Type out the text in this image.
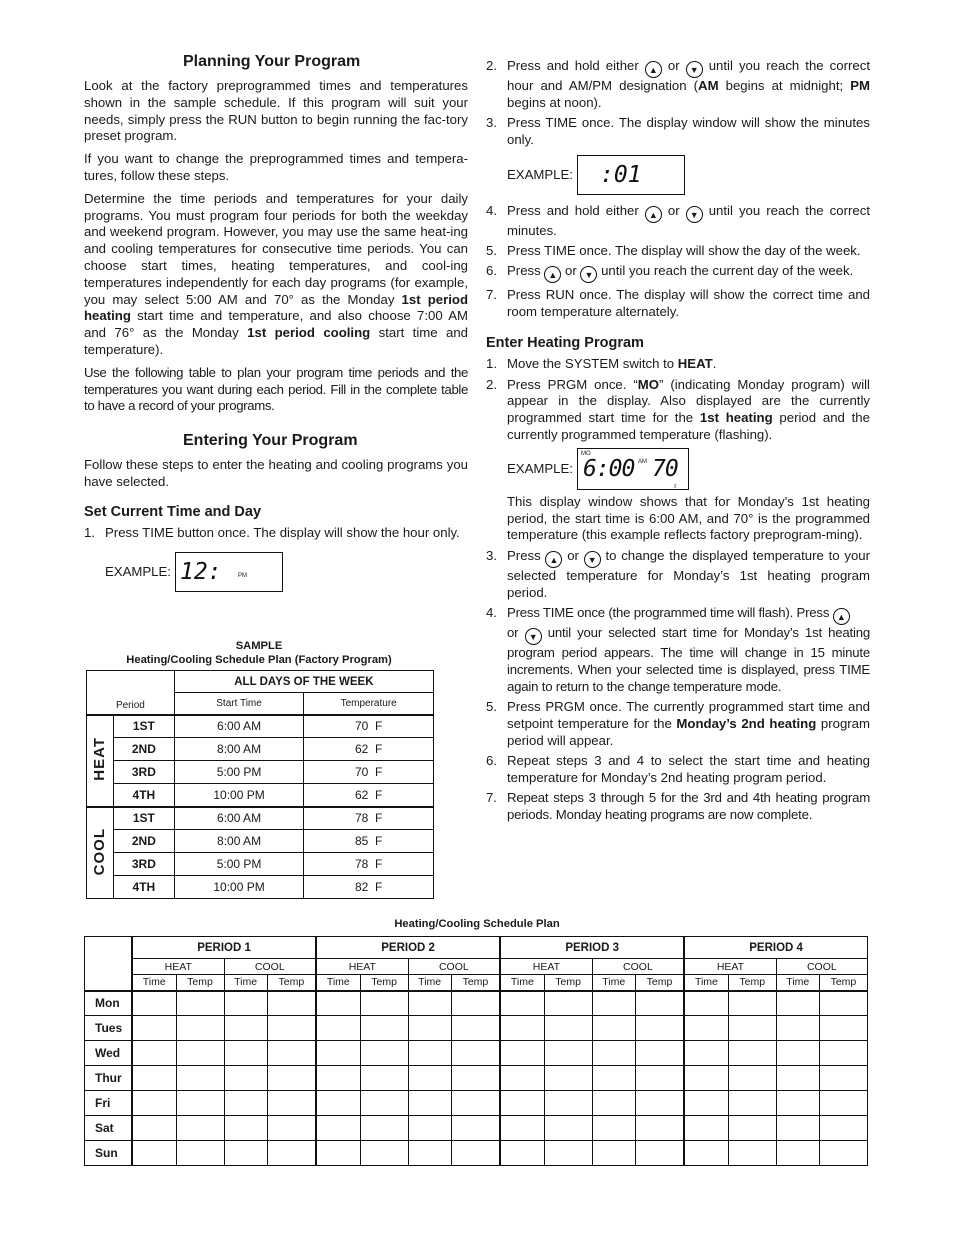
Planning Your Program

Look at the factory preprogrammed times and temperatures shown in the sample schedule. If this program will suit your needs, simply press the RUN button to begin running the fac-tory preset program.

If you want to change the preprogrammed times and tempera-tures, follow these steps.

Determine the time periods and temperatures for your daily programs. You must program four periods for both the weekday and weekend program. However, you may use the same heat-ing and cooling temperatures for consecutive time periods. You can choose start times, heating temperatures, and cool-ing temperatures independently for each day programs (for example, you may select 5:00 AM and 70° as the Monday 1st period heating start time and temperature, and also choose 7:00 AM and 76° as the Monday 1st period cooling start time and temperature).

Use the following table to plan your program time periods and the temperatures you want during each period. Fill in the complete table to have a record of your programs.

Entering Your Program

Follow these steps to enter the heating and cooling programs you have selected.

Set Current Time and Day
1. Press TIME button once. The display will show the hour only.
EXAMPLE: 12:	PM
2. Press and hold either ▲ or ▼ until you reach the correct hour and AM/PM designation (AM begins at midnight; PM begins at noon).
3. Press TIME once. The display window will show the minutes only.
EXAMPLE: :01
4. Press and hold either ▲ or ▼ until you reach the correct minutes.
5. Press TIME once. The display will show the day of the week.
6. Press ▲ or ▼ until you reach the current day of the week.
7. Press RUN once. The display will show the correct time and room temperature alternately.
Enter Heating Program
1. Move the SYSTEM switch to HEAT.
2. Press PRGM once. “MO” (indicating Monday program) will appear in the display. Also displayed are the currently programmed start time for the 1st heating period and the currently programmed temperature (flashing).
EXAMPLE:
MO
6:00 AM 70
♁

This display window shows that for Monday’s 1st heating period, the start time is 6:00 AM, and 70° is the programmed temperature (this example reflects factory preprogram-ming).

3. Press ▲ or ▼ to change the displayed temperature to your selected temperature for Monday’s 1st heating program period.
4. Press TIME once (the programmed time will flash). Press ▲
or ▼ until your selected start time for Monday’s 1st heating program period appears. The time will change in 15 minute increments. When your selected time is displayed, press TIME again to return to the change temperature mode.
5. Press PRGM once. The currently programmed start time and setpoint temperature for the Monday’s 2nd heating program period will appear.
6. Repeat steps 3 and 4 to select the start time and heating temperature for Monday’s 2nd heating program period.
7. Repeat steps 3 through 5 for the 3rd and 4th heating program periods. Monday heating programs are now complete.
SAMPLE
Heating/Cooling Schedule Plan (Factory Program)
Period		ALL DAYS OF THE WEEK	
		Start Time	Temperature
HEAT	1ST	6:00 AM	70  F
	2ND	8:00 AM	62  F
	3RD	5:00 PM	70  F
	4TH	10:00 PM	62  F
COOL	1ST	6:00 AM	78  F
	2ND	8:00 AM	85  F
	3RD	5:00 PM	78  F
	4TH	10:00 PM	82  F
Heating/Cooling Schedule Plan
	PERIOD 1				PERIOD 2				PERIOD 3				PERIOD 4			
	HEAT		COOL		HEAT		COOL		HEAT		COOL		HEAT		COOL	
	Time	Temp	Time	Temp	Time	Temp	Time	Temp	Time	Temp	Time	Temp	Time	Temp	Time	Temp
Mon																
Tues																
Wed																
Thur																
Fri																
Sat																
Sun																
